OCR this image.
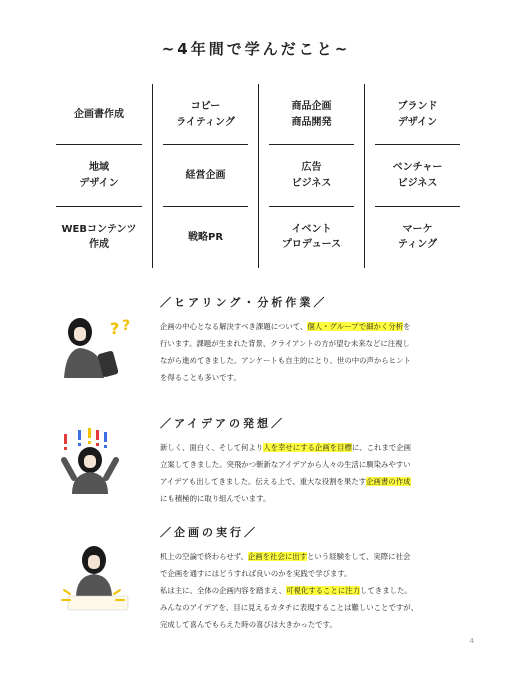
~4年間で学んだこと~
企画書作成
コピー
ライティング
商品企画
商品開発
ブランド
デザイン
地域
デザイン
経営企画
広告
ビジネス
ベンチャー
ビジネス
WEBコンテンツ
作成
戦略PR
イベント
プロデュース
マーケ
ティング
? ?
／ヒアリング・分析作業／
企画の中心となる解決すべき課題について、個人・グループで細かく分析を
行います。課題が生まれた背景、クライアントの方が望む未来などに注視し
ながら進めてきました。アンケートも自主的にとり、世の中の声からヒント
を得ることも多いです。
／アイデアの発想／
新しく、面白く、そして何より人を幸せにする企画を目標に、これまで企画
立案してきました。突飛かつ斬新なアイデアから人々の生活に馴染みやすい
アイデアも出してきました。伝える上で、重大な役割を果たす企画書の作成
にも積極的に取り組んでいます。
／企画の実行／
机上の空論で終わらせず、企画を社会に出すという経験をして、実際に社会
で企画を通すにはどうすれば良いのかを実践で学びます。
私は主に、全体の企画内容を踏まえ、可視化することに注力してきました。
みんなのアイデアを、目に見えるカタチに表現することは難しいことですが、
完成して喜んでもらえた時の喜びは大きかったです。
4
